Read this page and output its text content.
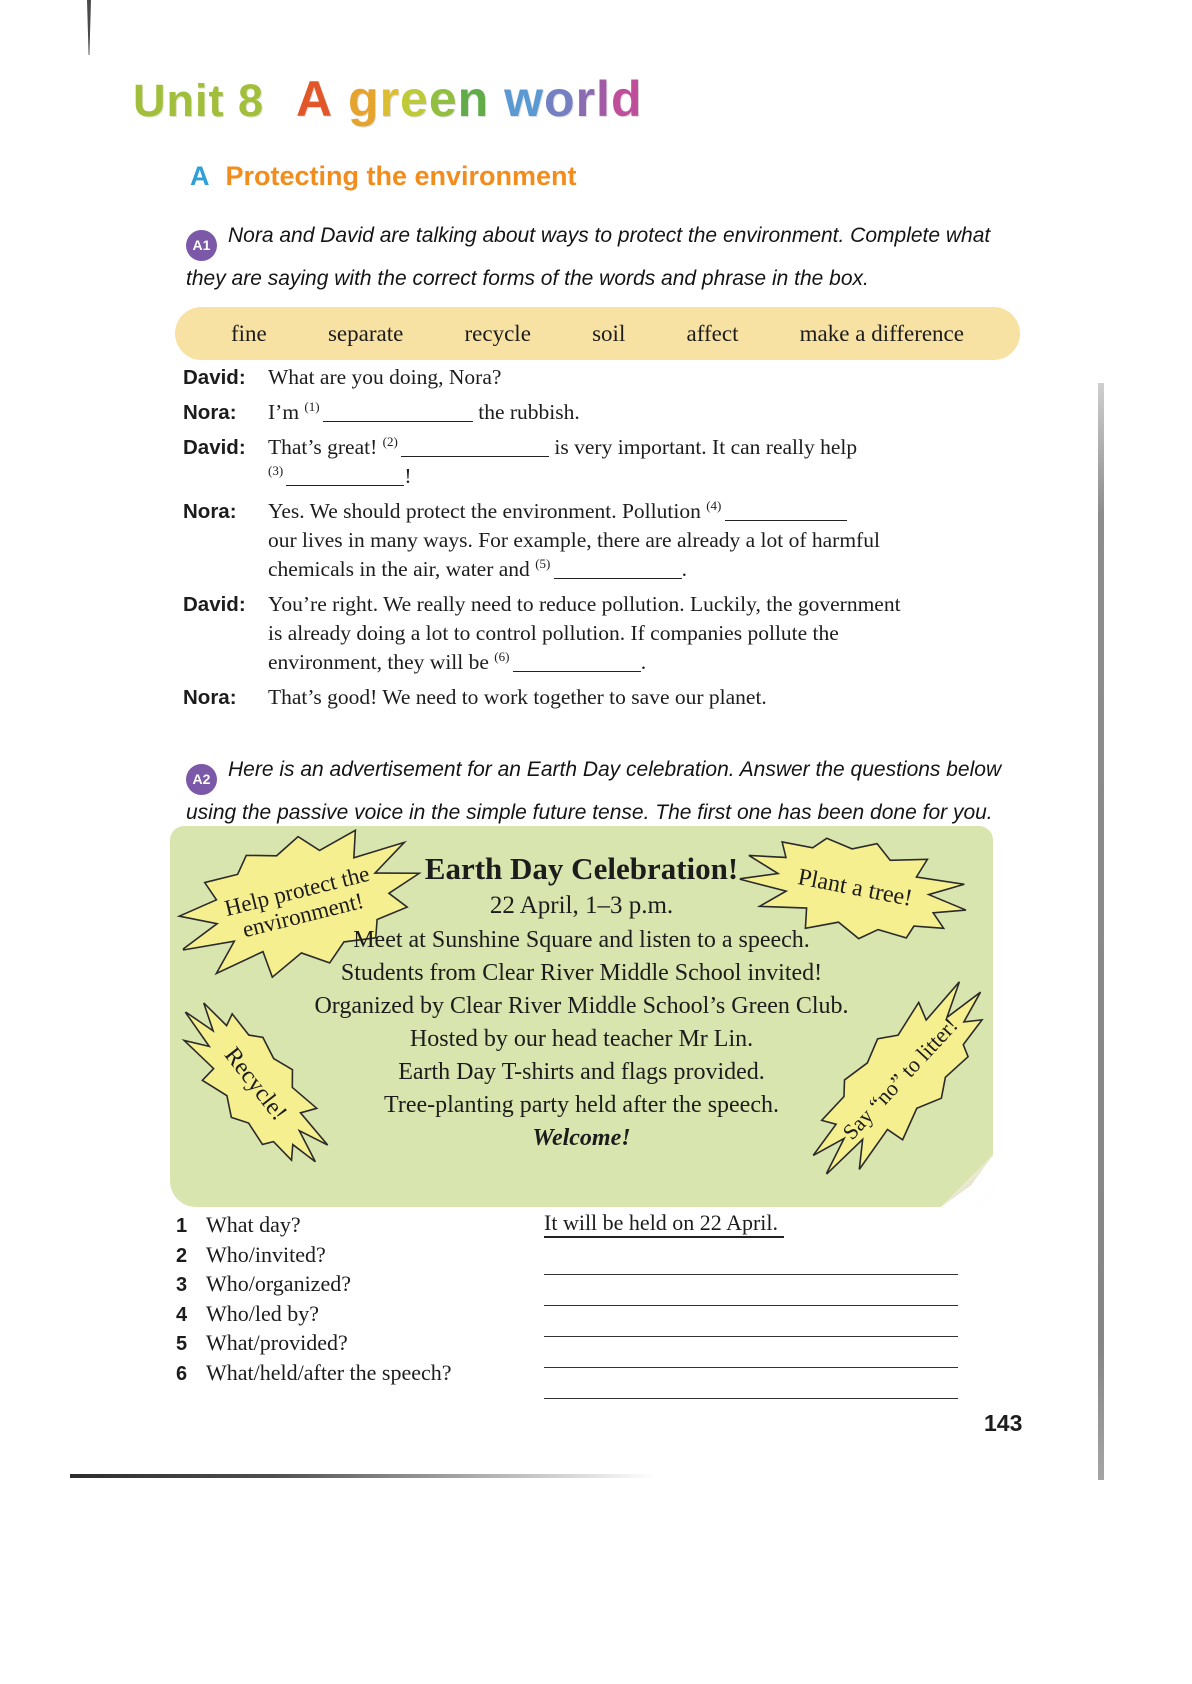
Unit 8 A green world
A Protecting the environment
A1 Nora and David are talking about ways to protect the environment. Complete what
they are saying with the correct forms of the words and phrase in the box.
fine	separate	recycle	soil	affect	make a difference
David:	What are you doing, Nora?
Nora:	I’m $^{(1)}$	the rubbish.
David:	That’s great! $^{(2)}$	is very important. It can really help
$^{(3)}$	!
Nora:	Yes. We should protect the environment. Pollution $^{(4)}$
our lives in many ways. For example, there are already a lot of harmful
chemicals in the air, water and $^{(5)}$	.
David:	You’re right. We really need to reduce pollution. Luckily, the government
is already doing a lot to control pollution. If companies pollute the
environment, they will be $^{(6)}$	.
Nora:	That’s good! We need to work together to save our planet.
A2 Here is an advertisement for an Earth Day celebration. Answer the questions below
using the passive voice in the simple future tense. The first one has been done for you.
Earth Day Celebration!
22 April, 1–3 p.m.
Meet at Sunshine Square and listen to a speech.
Students from Clear River Middle School invited!
Organized by Clear River Middle School’s Green Club.
Hosted by our head teacher Mr Lin.
Earth Day T-shirts and flags provided.
Tree-planting party held after the speech.
Welcome!
Help protect the environment!
Plant a tree!
Recycle!	Say “no” to litter!
1 What day?
2 Who/invited?
3 Who/organized?
4 Who/led by?
5 What/provided?
6 What/held/after the speech?
It will be held on 22 April.
143
